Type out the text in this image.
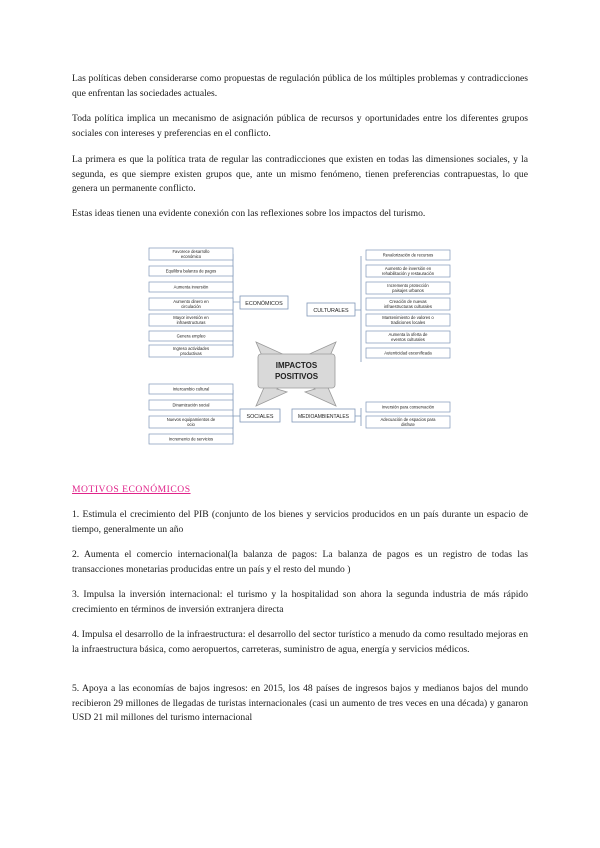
Las políticas deben considerarse como propuestas de regulación pública de los múltiples problemas y contradicciones que enfrentan las sociedades actuales.

Toda política implica un mecanismo de asignación pública de recursos y oportunidades entre los diferentes grupos sociales con intereses y preferencias en el conflicto.

La primera es que la política trata de regular las contradicciones que existen en todas las dimensiones sociales, y la segunda, es que siempre existen grupos que, ante un mismo fenómeno, tienen preferencias contrapuestas, lo que genera un permanente conflicto.

Estas ideas tienen una evidente conexión con las reflexiones sobre los impactos del turismo.

IMPACTOS
POSITIVOS
ECONÓMICOS
CULTURALES
SOCIALES	MEDIOAMBIENTALES
Favorece desarrollo
económico
Equilibra balanza de pagos
Aumenta inversión
Aumento dinero en
circulación
Mayor inversión en
infraestructuras
Genera empleo
Ingreso actividades
productivas
Revalorización de recursos
Aumento de inversión en
rehabilitación y restauración
Incremento protección
paisajes urbanos
Creación de nuevas
infraestructuras culturales
Mantenimiento de valores o
tradiciones locales
Aumenta la oferta de
eventos culturales
Autenticidad escenificada
Intercambio cultural
Dinamización social
Nuevos equipamientos de
ocio
Incremento de servicios
Inversión para conservación
Adecuación de espacios para
disfrute

MOTIVOS ECONÓMICOS

1. Estimula el crecimiento del PIB (conjunto de los bienes y servicios producidos en un país durante un espacio de tiempo, generalmente un año

2. Aumenta el comercio internacional(la balanza de pagos: La balanza de pagos es un registro de todas las transacciones monetarias producidas entre un país y el resto del mundo )

3. Impulsa la inversión internacional: el turismo y la hospitalidad son ahora la segunda industria de más rápido crecimiento en términos de inversión extranjera directa

4. Impulsa el desarrollo de la infraestructura: el desarrollo del sector turístico a menudo da como resultado mejoras en la infraestructura básica, como aeropuertos, carreteras, suministro de agua, energía y servicios médicos.

5. Apoya a las economías de bajos ingresos: en 2015, los 48 países de ingresos bajos y medianos bajos del mundo recibieron 29 millones de llegadas de turistas internacionales (casi un aumento de tres veces en una década) y ganaron USD 21 mil millones del turismo internacional
